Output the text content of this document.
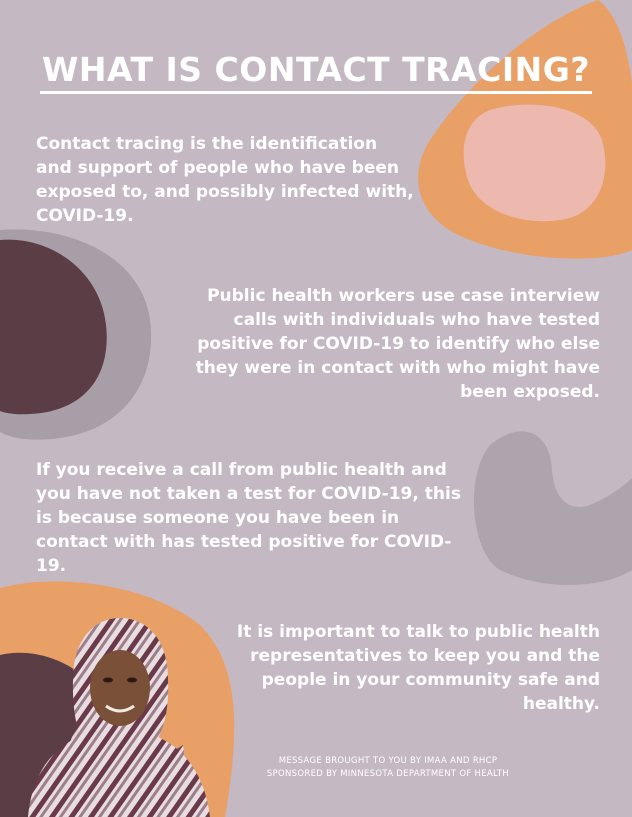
WHAT IS CONTACT TRACING?

Contact tracing is the identification and support of people who have been exposed to, and possibly infected with, COVID-19.

Public health workers use case interview calls with individuals who have tested positive for COVID-19 to identify who else they were in contact with who might have been exposed.

If you receive a call from public health and you have not taken a test for COVID-19, this is because someone you have been in contact with has tested positive for COVID-19.

It is important to talk to public health representatives to keep you and the people in your community safe and healthy.

MESSAGE BROUGHT TO YOU BY IMAA AND RHCP
SPONSORED BY MINNESOTA DEPARTMENT OF HEALTH
